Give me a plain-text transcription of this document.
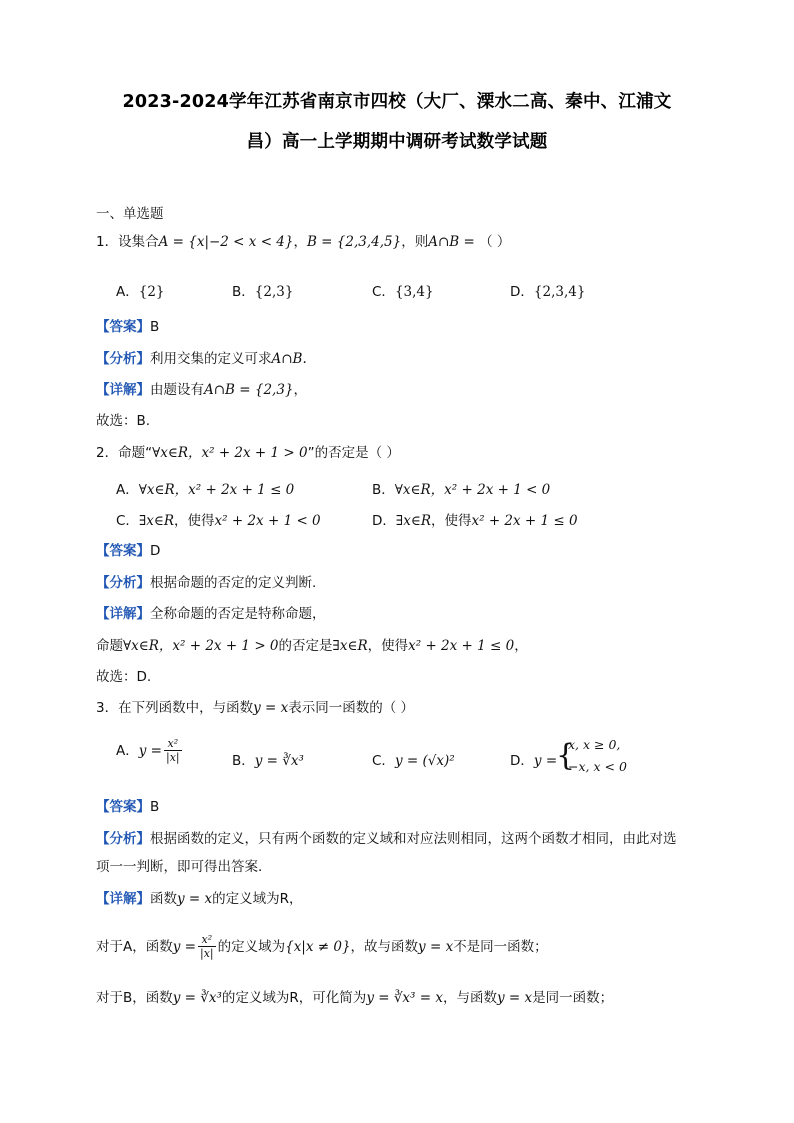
2023-2024学年江苏省南京市四校（大厂、溧水二高、秦中、江浦文
昌）高一上学期期中调研考试数学试题
一、单选题
1．设集合A = {x|−2 < x < 4}，B = {2,3,4,5}，则A∩B = （ ）
A．{2}	B．{2,3}	C．{3,4}	D．{2,3,4}
【答案】B
【分析】利用交集的定义可求A∩B.
【详解】由题设有A∩B = {2,3}，
故选：B.
2．命题“∀x∈R，x² + 2x + 1 > 0”的否定是（ ）
A．∀x∈R，x² + 2x + 1 ≤ 0	B．∀x∈R，x² + 2x + 1 < 0
C．∃x∈R，使得x² + 2x + 1 < 0	D．∃x∈R，使得x² + 2x + 1 ≤ 0
【答案】D
【分析】根据命题的否定的定义判断.
【详解】全称命题的否定是特称命题，
命题∀x∈R，x² + 2x + 1 > 0的否定是∃x∈R，使得x² + 2x + 1 ≤ 0，
故选：D.
3．在下列函数中，与函数y = x表示同一函数的（ ）
A．$y = \frac{\text{x²}}{|x|}$	B．y = ∛x³	C．y = (√x)²	D．y =
{
x, x ≥ 0,
−x, x < 0
【答案】B
【分析】根据函数的定义，只有两个函数的定义域和对应法则相同，这两个函数才相同，由此对选
项一一判断，即可得出答案.
【详解】函数y = x的定义域为R，
对于A，函数$y = \frac{\text{x²}}{|x|}$ 的定义域为{x|x ≠ 0}，故与函数y = x不是同一函数；
对于B，函数y = ∛x³的定义域为R，可化简为y = ∛x³ = x，与函数y = x是同一函数；
